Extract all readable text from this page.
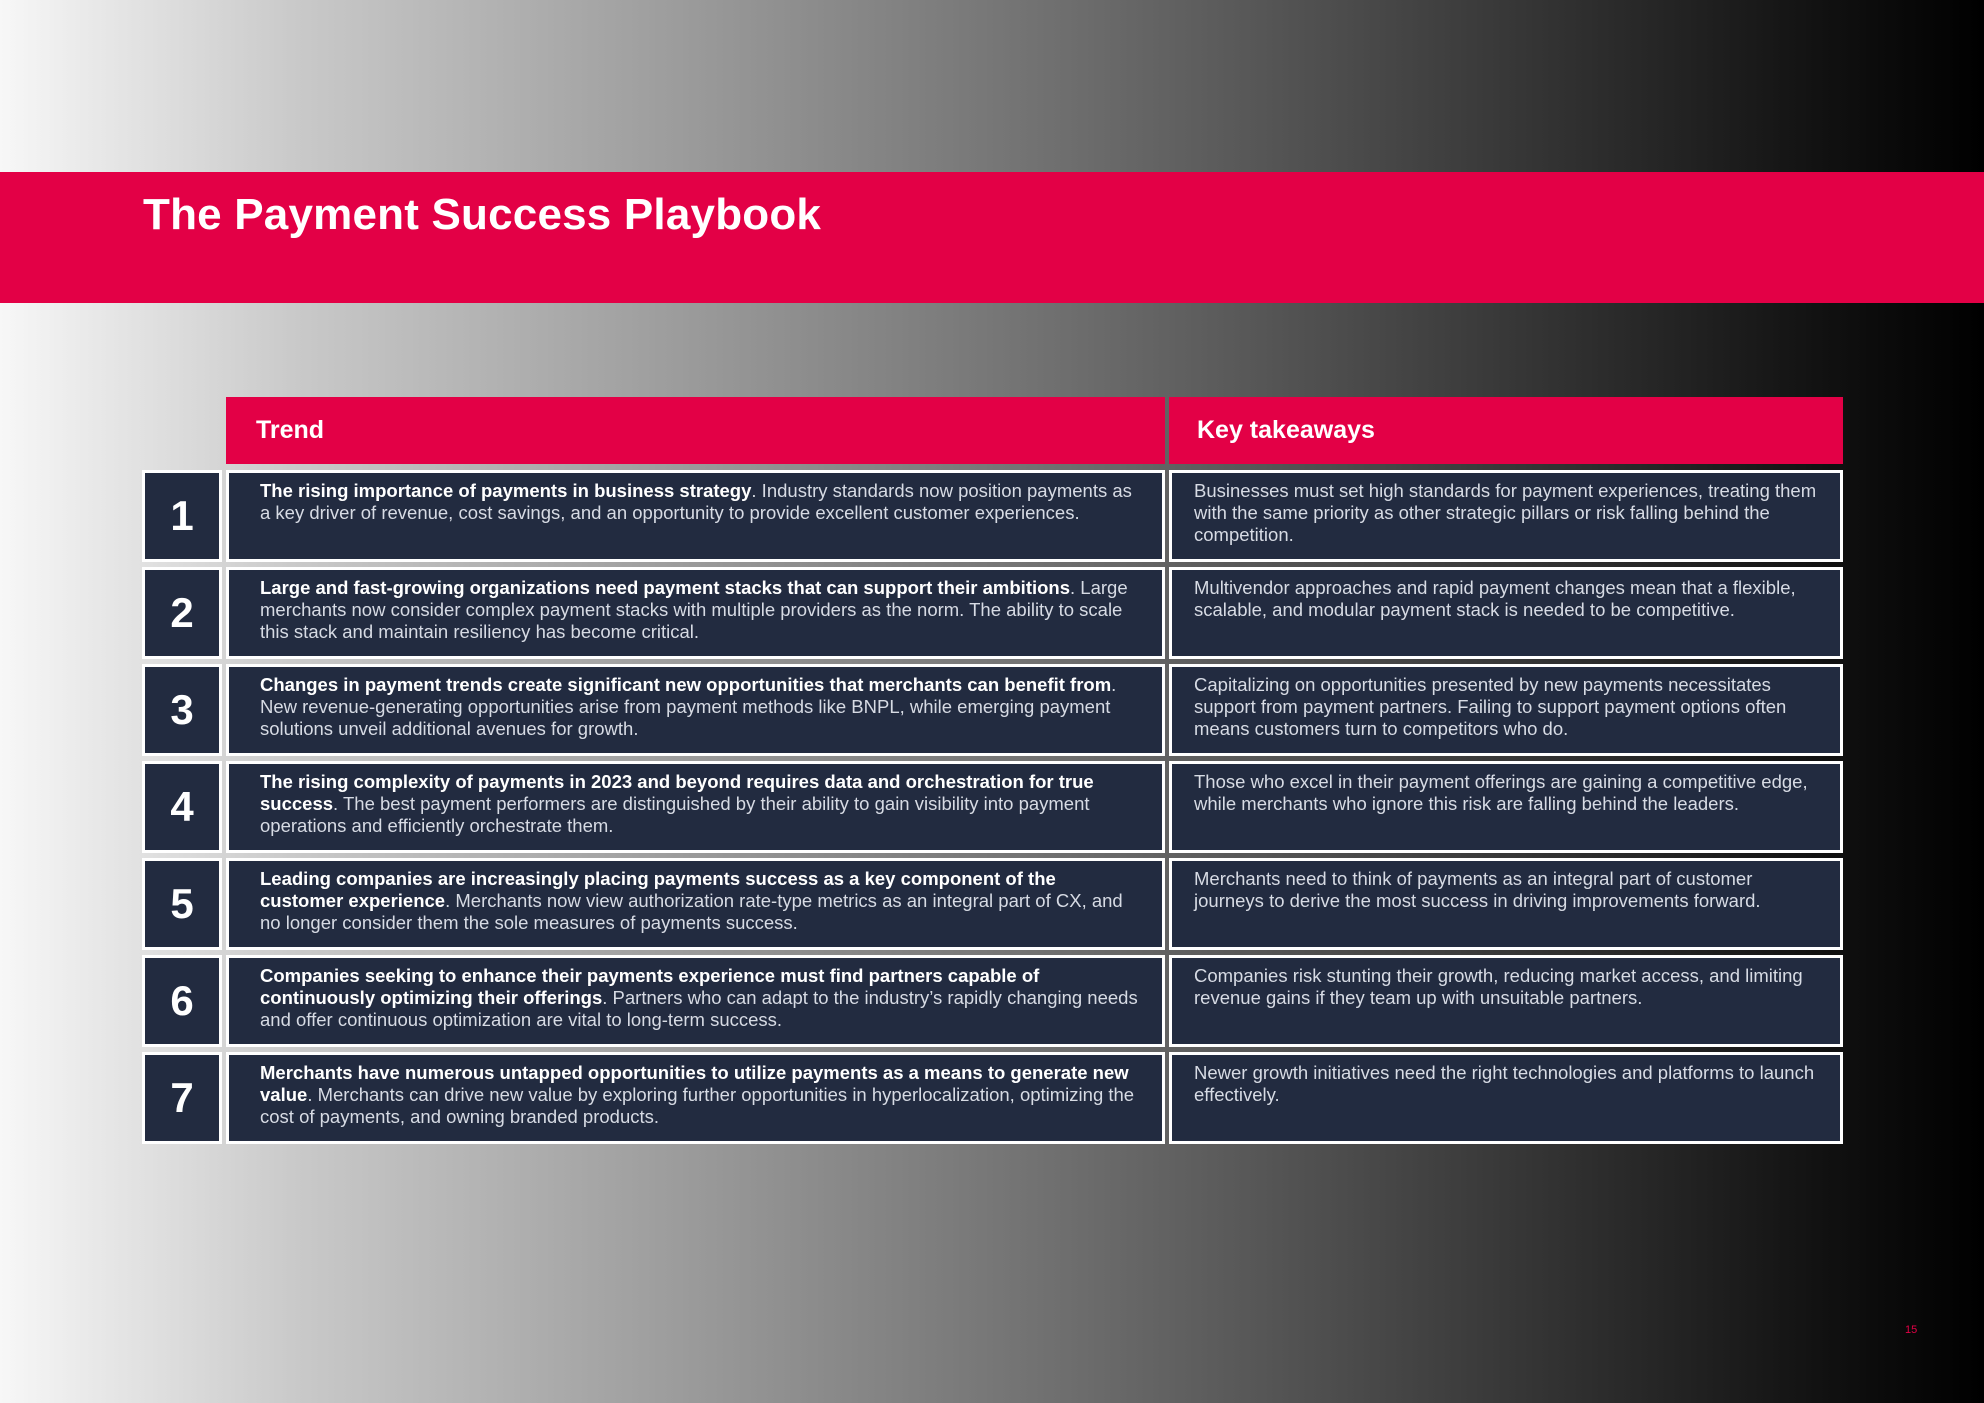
The Payment Success Playbook
Trend	Key takeaways
1
The rising importance of payments in business strategy. Industry standards now position payments as a key driver of revenue, cost savings, and an opportunity to provide excellent customer experiences.
Businesses must set high standards for payment experiences, treating them with the same priority as other strategic pillars or risk falling behind the competition.
2
Large and fast-growing organizations need payment stacks that can support their ambitions. Large merchants now consider complex payment stacks with multiple providers as the norm. The ability to scale this stack and maintain resiliency has become critical.
Multivendor approaches and rapid payment changes mean that a flexible, scalable, and modular payment stack is needed to be competitive.
3
Changes in payment trends create significant new opportunities that merchants can benefit from. New revenue-generating opportunities arise from payment methods like BNPL, while emerging payment solutions unveil additional avenues for growth.
Capitalizing on opportunities presented by new payments necessitates support from payment partners. Failing to support payment options often means customers turn to competitors who do.
4
The rising complexity of payments in 2023 and beyond requires data and orchestration for true success. The best payment performers are distinguished by their ability to gain visibility into payment operations and efficiently orchestrate them.
Those who excel in their payment offerings are gaining a competitive edge, while merchants who ignore this risk are falling behind the leaders.
5
Leading companies are increasingly placing payments success as a key component of the customer experience. Merchants now view authorization rate-type metrics as an integral part of CX, and no longer consider them the sole measures of payments success.
Merchants need to think of payments as an integral part of customer journeys to derive the most success in driving improvements forward.
6
Companies seeking to enhance their payments experience must find partners capable of continuously optimizing their offerings. Partners who can adapt to the industry’s rapidly changing needs and offer continuous optimization are vital to long-term success.
Companies risk stunting their growth, reducing market access, and limiting revenue gains if they team up with unsuitable partners.
7
Merchants have numerous untapped opportunities to utilize payments as a means to generate new value. Merchants can drive new value by exploring further opportunities in hyperlocalization, optimizing the cost of payments, and owning branded products.
Newer growth initiatives need the right technologies and platforms to launch effectively.
15
